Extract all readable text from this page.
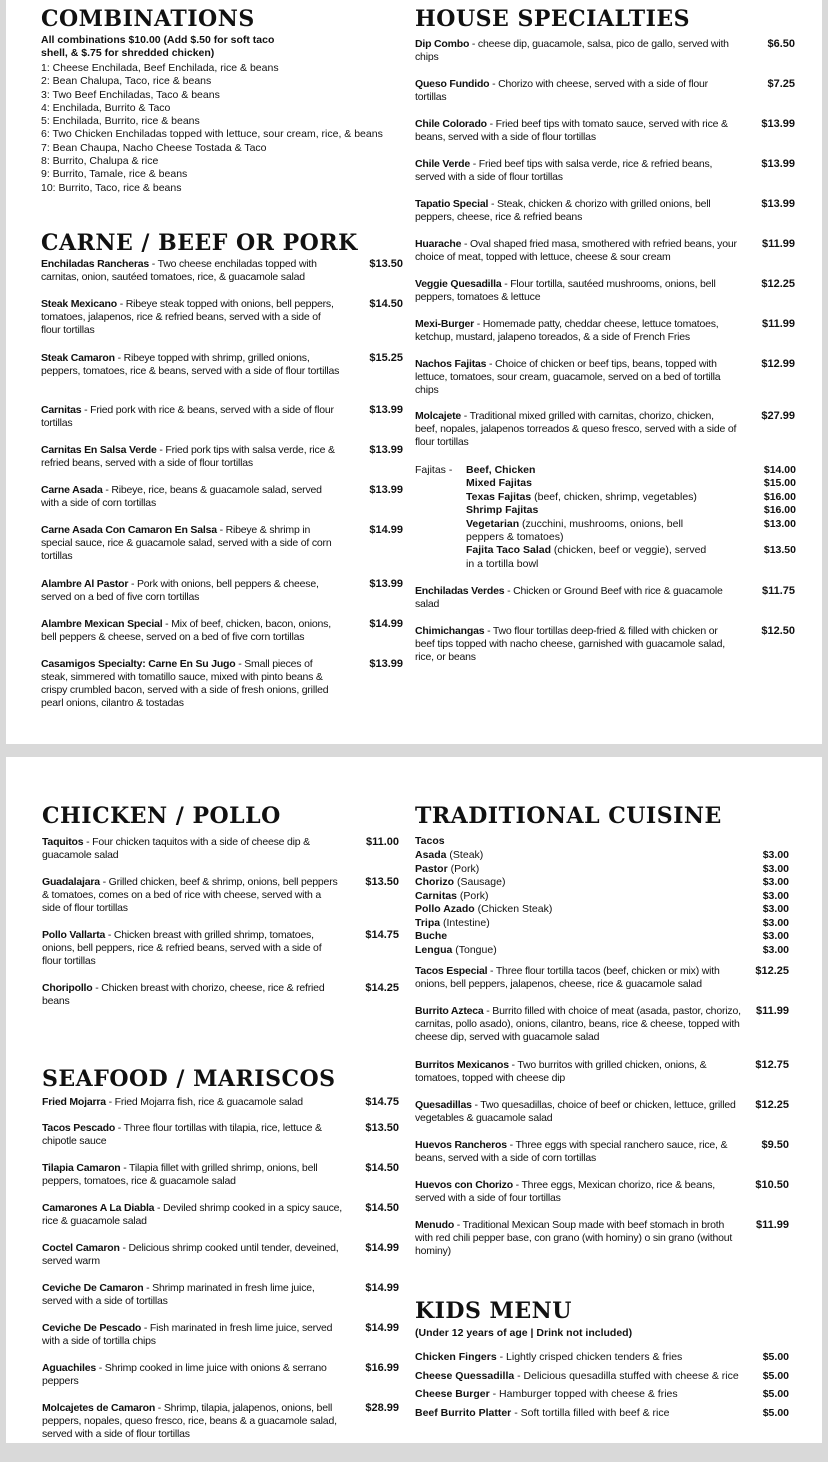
COMBINATIONS
All combinations $10.00 (Add $.50 for soft taco shell, & $.75 for shredded chicken)
1: Cheese Enchilada, Beef Enchilada, rice & beans
2: Bean Chalupa, Taco, rice & beans
3: Two Beef Enchiladas, Taco & beans
4: Enchilada, Burrito & Taco
5: Enchilada, Burrito, rice & beans
6: Two Chicken Enchiladas topped with lettuce, sour cream, rice, & beans
7: Bean Chaupa, Nacho Cheese Tostada & Taco
8: Burrito, Chalupa & rice
9: Burrito, Tamale, rice & beans
10: Burrito, Taco, rice & beans
CARNE / BEEF OR PORK
Enchiladas Rancheras - Two cheese enchiladas topped with carnitas, onion, sautéed tomatoes, rice, & guacamole salad
$13.50
Steak Mexicano - Ribeye steak topped with onions, bell peppers, tomatoes, jalapenos, rice & refried beans, served with a side of flour tortillas
$14.50
Steak Camaron - Ribeye topped with shrimp, grilled onions, peppers, tomatoes, rice & beans, served with a side of flour tortillas
$15.25
Carnitas - Fried pork with rice & beans, served with a side of flour tortillas
$13.99
Carnitas En Salsa Verde - Fried pork tips with salsa verde, rice & refried beans, served with a side of flour tortillas
$13.99
Carne Asada - Ribeye, rice, beans & guacamole salad, served with a side of corn tortillas
$13.99
Carne Asada Con Camaron En Salsa - Ribeye & shrimp in special sauce, rice & guacamole salad, served with a side of corn tortillas
$14.99
Alambre Al Pastor - Pork with onions, bell peppers & cheese, served on a bed of five corn tortillas
$13.99
Alambre Mexican Special - Mix of beef, chicken, bacon, onions, bell peppers & cheese, served on a bed of five corn tortillas
$14.99
Casamigos Specialty: Carne En Su Jugo - Small pieces of steak, simmered with tomatillo sauce, mixed with pinto beans & crispy crumbled bacon, served with a side of fresh onions, grilled pearl onions, cilantro & tostadas
$13.99
HOUSE SPECIALTIES
Dip Combo - cheese dip, guacamole, salsa, pico de gallo, served with chips
$6.50
Queso Fundido - Chorizo with cheese, served with a side of flour tortillas
$7.25
Chile Colorado - Fried beef tips with tomato sauce, served with rice & beans, served with a side of flour tortillas
$13.99
Chile Verde - Fried beef tips with salsa verde, rice & refried beans, served with a side of flour tortillas
$13.99
Tapatio Special - Steak, chicken & chorizo with grilled onions, bell peppers, cheese, rice & refried beans
$13.99
Huarache - Oval shaped fried masa, smothered with refried beans, your choice of meat, topped with lettuce, cheese & sour cream
$11.99
Veggie Quesadilla - Flour tortilla, sautéed mushrooms, onions, bell peppers, tomatoes & lettuce
$12.25
Mexi-Burger - Homemade patty, cheddar cheese, lettuce tomatoes, ketchup, mustard, jalapeno toreados, & a side of French Fries
$11.99
Nachos Fajitas - Choice of chicken or beef tips, beans, topped with lettuce, tomatoes, sour cream, guacamole, served on a bed of tortilla chips
$12.99
Molcajete - Traditional mixed grilled with carnitas, chorizo, chicken, beef, nopales, jalapenos torreados & queso fresco, served with a side of flour tortillas
$27.99
Fajitas - Beef, Chicken	$14.00
Mixed Fajitas	$15.00
Texas Fajitas (beef, chicken, shrimp, vegetables)	$16.00
Shrimp Fajitas	$16.00
Vegetarian (zucchini, mushrooms, onions, bell peppers & tomatoes)
$13.00
Fajita Taco Salad (chicken, beef or veggie), served in a tortilla bowl
$13.50
Enchiladas Verdes - Chicken or Ground Beef with rice & guacamole salad
$11.75
Chimichangas - Two flour tortillas deep-fried & filled with chicken or beef tips topped with nacho cheese, garnished with guacamole salad, rice, or beans
$12.50
CHICKEN / POLLO
Taquitos - Four chicken taquitos with a side of cheese dip & guacamole salad
$11.00
Guadalajara - Grilled chicken, beef & shrimp, onions, bell peppers & tomatoes, comes on a bed of rice with cheese, served with a side of flour tortillas
$13.50
Pollo Vallarta - Chicken breast with grilled shrimp, tomatoes, onions, bell peppers, rice & refried beans, served with a side of flour tortillas
$14.75
Choripollo - Chicken breast with chorizo, cheese, rice & refried beans
$14.25
SEAFOOD / MARISCOS
Fried Mojarra - Fried Mojarra fish, rice & guacamole salad	$14.75
Tacos Pescado - Three flour tortillas with tilapia, rice, lettuce & chipotle sauce
$13.50
Tilapia Camaron - Tilapia fillet with grilled shrimp, onions, bell peppers, tomatoes, rice & guacamole salad
$14.50
Camarones A La Diabla - Deviled shrimp cooked in a spicy sauce, rice & guacamole salad
$14.50
Coctel Camaron - Delicious shrimp cooked until tender, deveined, served warm
$14.99
Ceviche De Camaron - Shrimp marinated in fresh lime juice, served with a side of tortillas
$14.99
Ceviche De Pescado - Fish marinated in fresh lime juice, served with a side of tortilla chips
$14.99
Aguachiles - Shrimp cooked in lime juice with onions & serrano peppers
$16.99
Molcajetes de Camaron - Shrimp, tilapia, jalapenos, onions, bell peppers, nopales, queso fresco, rice, beans & a guacamole salad, served with a side of flour tortillas
$28.99
TRADITIONAL CUISINE
Tacos
Asada (Steak)	$3.00
Pastor (Pork)	$3.00
Chorizo (Sausage)	$3.00
Carnitas (Pork)	$3.00
Pollo Azado (Chicken Steak)	$3.00
Tripa (Intestine)	$3.00
Buche	$3.00
Lengua (Tongue)	$3.00
Tacos Especial - Three flour tortilla tacos (beef, chicken or mix) with onions, bell peppers, jalapenos, cheese, rice & guacamole salad
$12.25
Burrito Azteca - Burrito filled with choice of meat (asada, pastor, chorizo, carnitas, pollo asado), onions, cilantro, beans, rice & cheese, topped with cheese dip, served with guacamole salad
$11.99
Burritos Mexicanos - Two burritos with grilled chicken, onions, & tomatoes, topped with cheese dip
$12.75
Quesadillas - Two quesadillas, choice of beef or chicken, lettuce, grilled vegetables & guacamole salad
$12.25
Huevos Rancheros - Three eggs with special ranchero sauce, rice, & beans, served with a side of corn tortillas
$9.50
Huevos con Chorizo - Three eggs, Mexican chorizo, rice & beans, served with a side of four tortillas
$10.50
Menudo - Traditional Mexican Soup made with beef stomach in broth with red chili pepper base, con grano (with hominy) o sin grano (without hominy)
$11.99
KIDS MENU
(Under 12 years of age | Drink not included)
Chicken Fingers - Lightly crisped chicken tenders & fries	$5.00
Cheese Quessadilla - Delicious quesadilla stuffed with cheese & rice $5.00
Cheese Burger - Hamburger topped with cheese & fries	$5.00
Beef Burrito Platter - Soft tortilla filled with beef & rice	$5.00
